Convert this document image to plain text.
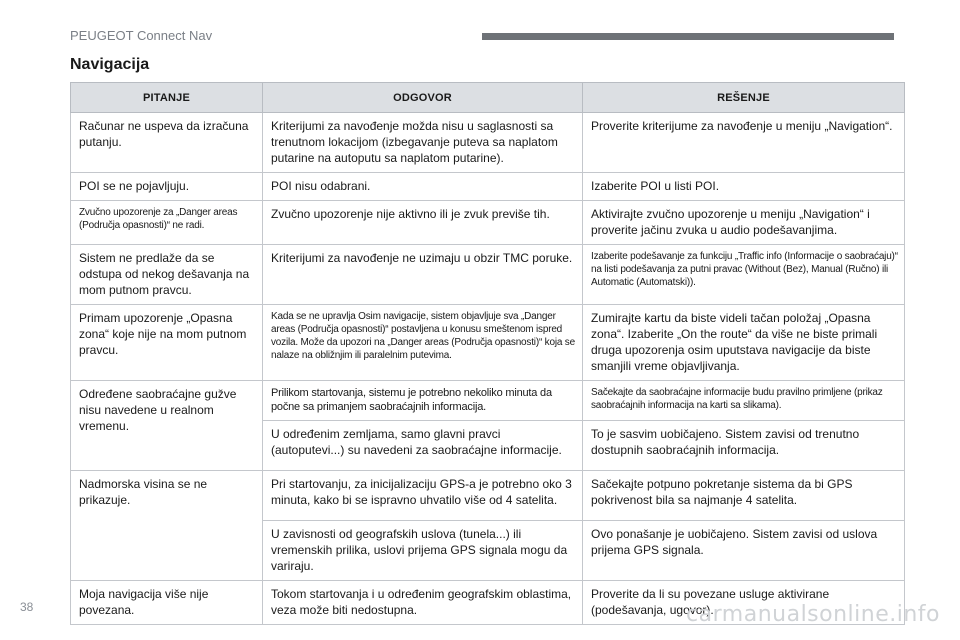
PEUGEOT Connect Nav
Navigacija
PITANJE	ODGOVOR	REŠENJE
Računar ne uspeva da izračuna putanju.	Kriterijumi za navođenje možda nisu u saglasnosti sa trenutnom lokacijom (izbegavanje puteva sa naplatom putarine na autoputu sa naplatom putarine).	Proverite kriterijume za navođenje u meniju „Navigation“.
POI se ne pojavljuju.	POI nisu odabrani.	Izaberite POI u listi POI.
Zvučno upozorenje za „Danger areas (Područja opasnosti)“ ne radi.	Zvučno upozorenje nije aktivno ili je zvuk previše tih.	Aktivirajte zvučno upozorenje u meniju „Navigation“ i proverite jačinu zvuka u audio podešavanjima.
Sistem ne predlaže da se odstupa od nekog dešavanja na mom putnom pravcu.	Kriterijumi za navođenje ne uzimaju u obzir TMC poruke.	Izaberite podešavanje za funkciju „Traffic info (Informacije o saobraćaju)“ na listi podešavanja za putni pravac (Without (Bez), Manual (Ručno) ili Automatic (Automatski)).
Primam upozorenje „Opasna zona“ koje nije na mom putnom pravcu.	Kada se ne upravlja Osim navigacije, sistem objavljuje sva „Danger areas (Područja opasnosti)“ postavljena u konusu smeštenom ispred vozila. Može da upozori na „Danger areas (Područja opasnosti)“ koja se nalaze na obližnjim ili paralelnim putevima.	Zumirajte kartu da biste videli tačan položaj „Opasna zona“. Izaberite „On the route“ da više ne biste primali druga upozorenja osim uputstava navigacije da biste smanjili vreme objavljivanja.
Određene saobraćajne gužve nisu navedene u realnom vremenu.	Prilikom startovanja, sistemu je potrebno nekoliko minuta da počne sa primanjem saobraćajnih informacija.	Sačekajte da saobraćajne informacije budu pravilno primljene (prikaz saobraćajnih informacija na karti sa slikama).
	U određenim zemljama, samo glavni pravci (autoputevi...) su navedeni za saobraćajne informacije.	To je sasvim uobičajeno. Sistem zavisi od trenutno dostupnih saobraćajnih informacija.
Nadmorska visina se ne prikazuje.	Pri startovanju, za inicijalizaciju GPS-a je potrebno oko 3 minuta, kako bi se ispravno uhvatilo više od 4 satelita.	Sačekajte potpuno pokretanje sistema da bi GPS pokrivenost bila sa najmanje 4 satelita.
	U zavisnosti od geografskih uslova (tunela...) ili vremenskih prilika, uslovi prijema GPS signala mogu da variraju.	Ovo ponašanje je uobičajeno. Sistem zavisi od uslova prijema GPS signala.
Moja navigacija više nije povezana.	Tokom startovanja i u određenim geografskim oblastima, veza može biti nedostupna.	Proverite da li su povezane usluge aktivirane (podešavanja, ugovor).
38	carmanualsonline.info
